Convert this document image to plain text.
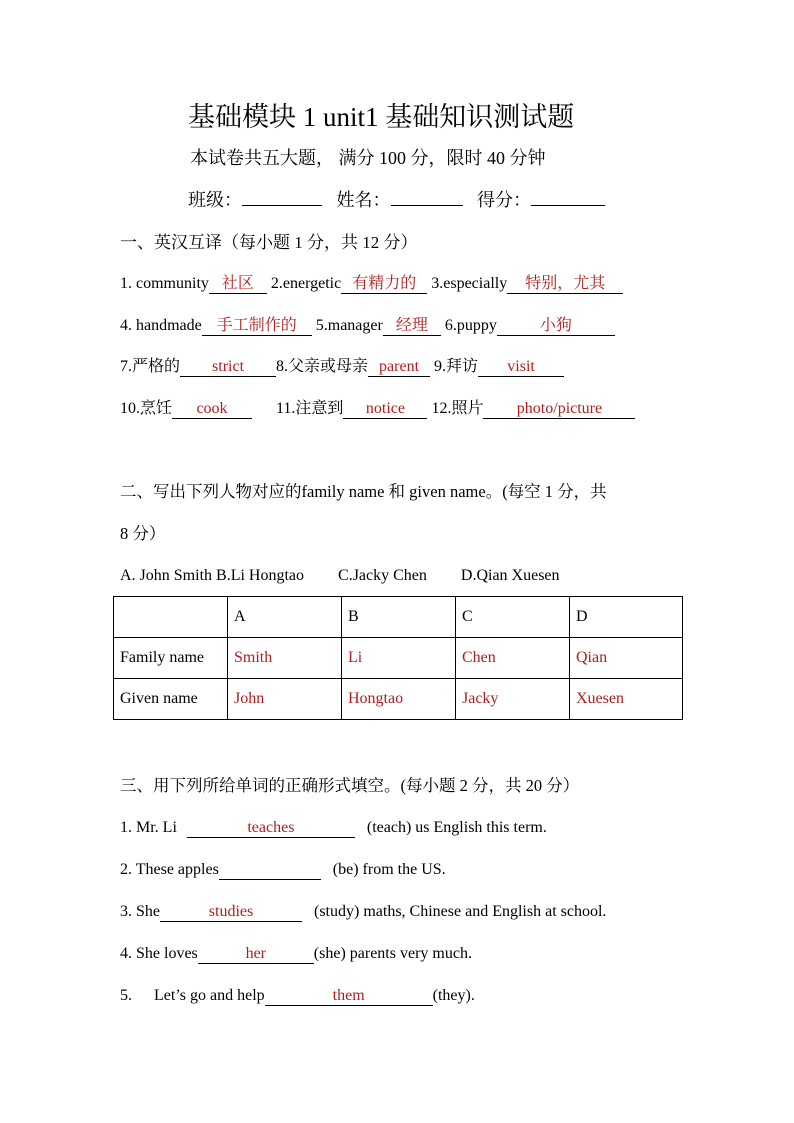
基础模块 1 unit1 基础知识测试题
本试卷共五大题， 满分 100 分，限时 40 分钟
班级：	姓名：	得分：
一、英汉互译（每小题 1 分，共 12 分）
1. community 社区 2.energetic 有精力的 3.especially 特别，尤其
4. handmade 手工制作的 5.manager 经理 6.puppy	小狗
7.严格的 strict 8.父亲或母亲 parent 9.拜访 visit
10.烹饪 cook	11.注意到 notice 12.照片 photo/picture
二、写出下列人物对应的family name 和 given name。(每空 1 分，共
8 分）
A. John Smith B.Li Hongtao C.Jacky Chen D.Qian Xuesen
	A	B	C	D
Family name	Smith	Li	Chen	Qian
Given name	John	Hongtao	Jacky	Xuesen
三、用下列所给单词的正确形式填空。(每小题 2 分，共 20 分）
1. Mr. Li	teaches	(teach) us English this term.
2. These apples	(be) from the US.
3. She	studies	(study) maths, Chinese and English at school.
4. She loves	her	(she) parents very much.
5. Let’s go and help	them	(they).
